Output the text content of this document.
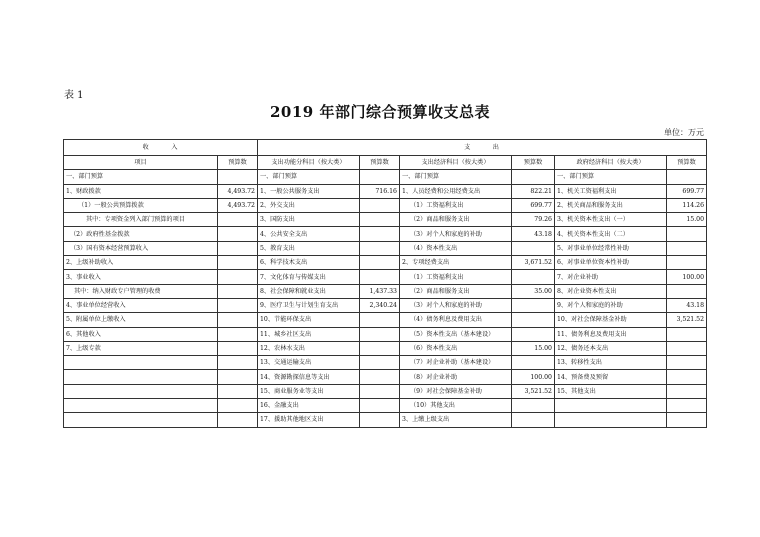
表 1
2019 年部门综合预算收支总表
单位：万元
收　　　入		支　　　出					
项目	预算数	支出功能分科目（按大类）	预算数	支出经济科目（按大类）	预算数	政府经济科目（按大类）	预算数
一、部门预算		一、部门预算		一、部门预算		一、部门预算	
1、财政拨款	4,493.72	1、一般公共服务支出	716.16	1、人员经费和公用经费支出	822.21	1、机关工资福利支出	699.77
（1）一般公共预算拨款	4,493.72	2、外交支出		（1）工资福利支出	699.77	2、机关商品和服务支出	114.26
其中：专项资金列入部门预算的项目		3、国防支出		（2）商品和服务支出	79.26	3、机关资本性支出（一）	15.00
（2）政府性基金拨款		4、公共安全支出		（3）对个人和家庭的补助	43.18	4、机关资本性支出（二）	
（3）国有资本经营预算收入		5、教育支出		（4）资本性支出		5、对事业单位经常性补助	
2、上级补助收入		6、科学技术支出		2、专项经费支出	3,671.52	6、对事业单位资本性补助	
3、事业收入		7、文化体育与传媒支出		（1）工资福利支出		7、对企业补助	100.00
其中：纳入财政专户管理的收费		8、社会保障和就业支出	1,437.33	（2）商品和服务支出	35.00	8、对企业资本性支出	
4、事业单位经营收入		9、医疗卫生与计划生育支出	2,340.24	（3）对个人和家庭的补助		9、对个人和家庭的补助	43.18
5、附属单位上缴收入		10、节能环保支出		（4）债务利息及费用支出		10、对社会保障基金补助	3,521.52
6、其他收入		11、城乡社区支出		（5）资本性支出（基本建设）		11、债务利息及费用支出	
7、上级专款		12、农林水支出		（6）资本性支出	15.00	12、债务还本支出	
		13、交通运输支出		（7）对企业补助（基本建设）		13、转移性支出	
		14、资源勘探信息等支出		（8）对企业补助	100.00	14、预备费及预留	
		15、商业服务业等支出		（9）对社会保障基金补助	3,521.52	15、其他支出	
		16、金融支出		（10）其他支出			
		17、援助其他地区支出		3、上缴上级支出			
